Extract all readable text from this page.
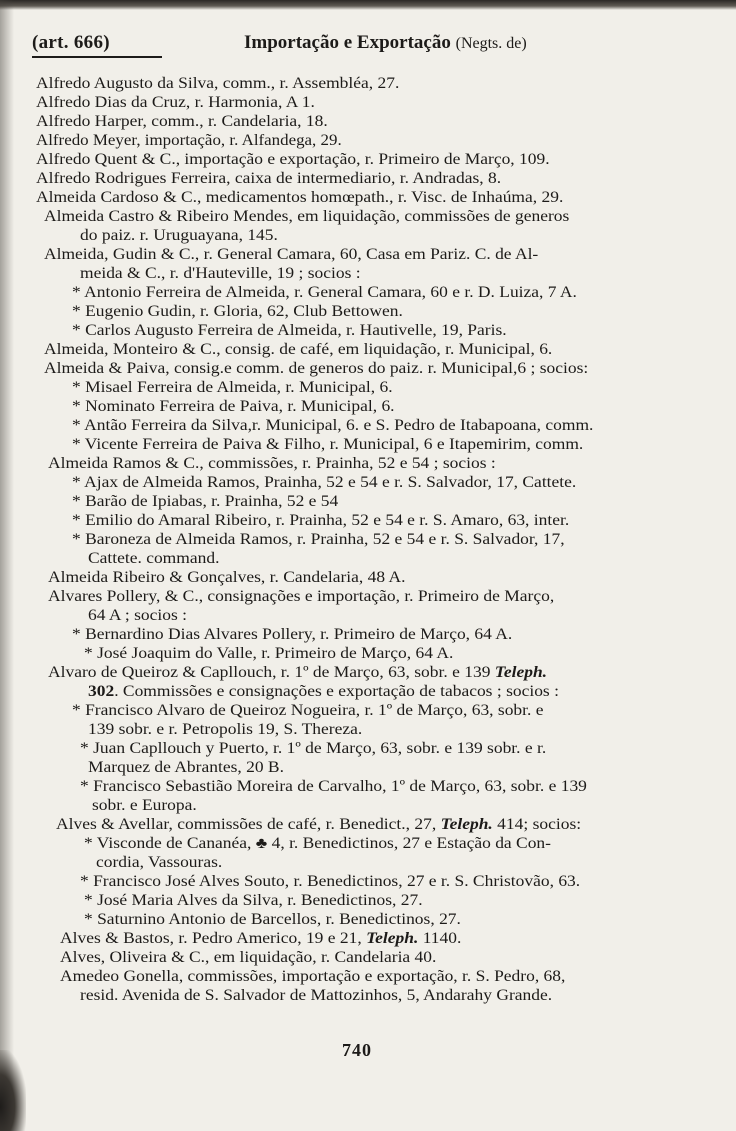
(art. 666)	Importação e Exportação (Negts. de)
Alfredo Augusto da Silva, comm., r. Assembléa, 27.
Alfredo Dias da Cruz, r. Harmonia, A 1.
Alfredo Harper, comm., r. Candelaria, 18.
Alfredo Meyer, importação, r. Alfandega, 29.
Alfredo Quent & C., importação e exportação, r. Primeiro de Março, 109.
Alfredo Rodrigues Ferreira, caixa de intermediario, r. Andradas, 8.
Almeida Cardoso & C., medicamentos homœpath., r. Visc. de Inhaúma, 29.
Almeida Castro & Ribeiro Mendes, em liquidação, commissões de generos
do paiz. r. Uruguayana, 145.
Almeida, Gudin & C., r. General Camara, 60, Casa em Pariz. C. de Al-
meida & C., r. d'Hauteville, 19 ; socios :
* Antonio Ferreira de Almeida, r. General Camara, 60 e r. D. Luiza, 7 A.
* Eugenio Gudin, r. Gloria, 62, Club Bettowen.
* Carlos Augusto Ferreira de Almeida, r. Hautivelle, 19, Paris.
Almeida, Monteiro & C., consig. de café, em liquidação, r. Municipal, 6.
Almeida & Paiva, consig.e comm. de generos do paiz. r. Municipal,6 ; socios:
* Misael Ferreira de Almeida, r. Municipal, 6.
* Nominato Ferreira de Paiva, r. Municipal, 6.
* Antão Ferreira da Silva,r. Municipal, 6. e S. Pedro de Itabapoana, comm.
* Vicente Ferreira de Paiva & Filho, r. Municipal, 6 e Itapemirim, comm.
Almeida Ramos & C., commissões, r. Prainha, 52 e 54 ; socios :
* Ajax de Almeida Ramos, Prainha, 52 e 54 e r. S. Salvador, 17, Cattete.
* Barão de Ipiabas, r. Prainha, 52 e 54
* Emilio do Amaral Ribeiro, r. Prainha, 52 e 54 e r. S. Amaro, 63, inter.
* Baroneza de Almeida Ramos, r. Prainha, 52 e 54 e r. S. Salvador, 17,
Cattete. command.
Almeida Ribeiro & Gonçalves, r. Candelaria, 48 A.
Alvares Pollery, & C., consignações e importação, r. Primeiro de Março,
64 A ; socios :
* Bernardino Dias Alvares Pollery, r. Primeiro de Março, 64 A.
* José Joaquim do Valle, r. Primeiro de Março, 64 A.
Alvaro de Queiroz & Capllouch, r. 1º de Março, 63, sobr. e 139 Teleph.
302. Commissões e consignações e exportação de tabacos ; socios :
* Francisco Alvaro de Queiroz Nogueira, r. 1º de Março, 63, sobr. e
139 sobr. e r. Petropolis 19, S. Thereza.
* Juan Capllouch y Puerto, r. 1º de Março, 63, sobr. e 139 sobr. e r.
Marquez de Abrantes, 20 B.
* Francisco Sebastião Moreira de Carvalho, 1º de Março, 63, sobr. e 139
sobr. e Europa.
Alves & Avellar, commissões de café, r. Benedict., 27, Teleph. 414; socios:
* Visconde de Cananéa, ♣ 4, r. Benedictinos, 27 e Estação da Con-
cordia, Vassouras.
* Francisco José Alves Souto, r. Benedictinos, 27 e r. S. Christovão, 63.
* José Maria Alves da Silva, r. Benedictinos, 27.
* Saturnino Antonio de Barcellos, r. Benedictinos, 27.
Alves & Bastos, r. Pedro Americo, 19 e 21, Teleph. 1140.
Alves, Oliveira & C., em liquidação, r. Candelaria 40.
Amedeo Gonella, commissões, importação e exportação, r. S. Pedro, 68,
resid. Avenida de S. Salvador de Mattozinhos, 5, Andarahy Grande.
740
